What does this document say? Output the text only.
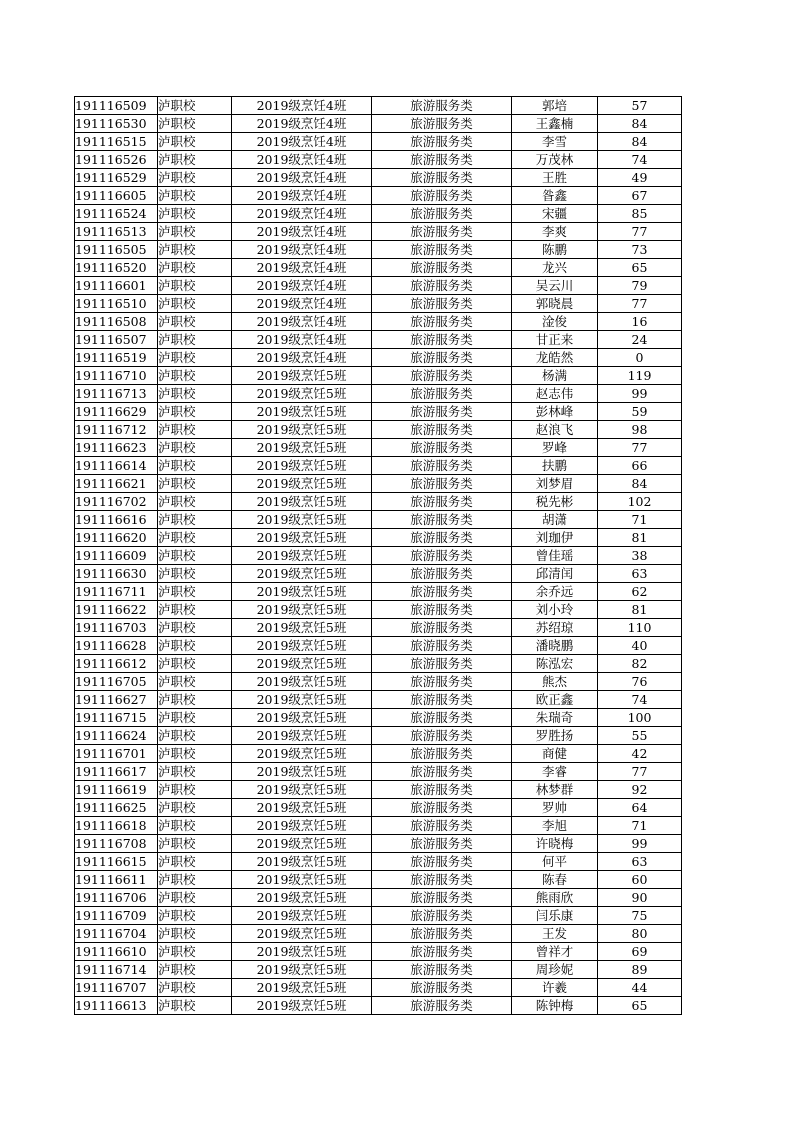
191116509	泸职校	2019级烹饪4班	旅游服务类	郭培	57
191116530	泸职校	2019级烹饪4班	旅游服务类	王鑫楠	84
191116515	泸职校	2019级烹饪4班	旅游服务类	李雪	84
191116526	泸职校	2019级烹饪4班	旅游服务类	万茂林	74
191116529	泸职校	2019级烹饪4班	旅游服务类	王胜	49
191116605	泸职校	2019级烹饪4班	旅游服务类	昝鑫	67
191116524	泸职校	2019级烹饪4班	旅游服务类	宋疆	85
191116513	泸职校	2019级烹饪4班	旅游服务类	李爽	77
191116505	泸职校	2019级烹饪4班	旅游服务类	陈鹏	73
191116520	泸职校	2019级烹饪4班	旅游服务类	龙兴	65
191116601	泸职校	2019级烹饪4班	旅游服务类	吴云川	79
191116510	泸职校	2019级烹饪4班	旅游服务类	郭晓晨	77
191116508	泸职校	2019级烹饪4班	旅游服务类	淦俊	16
191116507	泸职校	2019级烹饪4班	旅游服务类	甘正来	24
191116519	泸职校	2019级烹饪4班	旅游服务类	龙皓然	0
191116710	泸职校	2019级烹饪5班	旅游服务类	杨满	119
191116713	泸职校	2019级烹饪5班	旅游服务类	赵志伟	99
191116629	泸职校	2019级烹饪5班	旅游服务类	彭林峰	59
191116712	泸职校	2019级烹饪5班	旅游服务类	赵浪飞	98
191116623	泸职校	2019级烹饪5班	旅游服务类	罗峰	77
191116614	泸职校	2019级烹饪5班	旅游服务类	扶鹏	66
191116621	泸职校	2019级烹饪5班	旅游服务类	刘梦眉	84
191116702	泸职校	2019级烹饪5班	旅游服务类	税先彬	102
191116616	泸职校	2019级烹饪5班	旅游服务类	胡潇	71
191116620	泸职校	2019级烹饪5班	旅游服务类	刘珈伊	81
191116609	泸职校	2019级烹饪5班	旅游服务类	曾佳瑶	38
191116630	泸职校	2019级烹饪5班	旅游服务类	邱清闰	63
191116711	泸职校	2019级烹饪5班	旅游服务类	余乔远	62
191116622	泸职校	2019级烹饪5班	旅游服务类	刘小玲	81
191116703	泸职校	2019级烹饪5班	旅游服务类	苏绍琼	110
191116628	泸职校	2019级烹饪5班	旅游服务类	潘晓鹏	40
191116612	泸职校	2019级烹饪5班	旅游服务类	陈泓宏	82
191116705	泸职校	2019级烹饪5班	旅游服务类	熊杰	76
191116627	泸职校	2019级烹饪5班	旅游服务类	欧正鑫	74
191116715	泸职校	2019级烹饪5班	旅游服务类	朱瑞奇	100
191116624	泸职校	2019级烹饪5班	旅游服务类	罗胜扬	55
191116701	泸职校	2019级烹饪5班	旅游服务类	商健	42
191116617	泸职校	2019级烹饪5班	旅游服务类	李睿	77
191116619	泸职校	2019级烹饪5班	旅游服务类	林梦群	92
191116625	泸职校	2019级烹饪5班	旅游服务类	罗帅	64
191116618	泸职校	2019级烹饪5班	旅游服务类	李旭	71
191116708	泸职校	2019级烹饪5班	旅游服务类	许晓梅	99
191116615	泸职校	2019级烹饪5班	旅游服务类	何平	63
191116611	泸职校	2019级烹饪5班	旅游服务类	陈春	60
191116706	泸职校	2019级烹饪5班	旅游服务类	熊雨欣	90
191116709	泸职校	2019级烹饪5班	旅游服务类	闫乐康	75
191116704	泸职校	2019级烹饪5班	旅游服务类	王发	80
191116610	泸职校	2019级烹饪5班	旅游服务类	曾祥才	69
191116714	泸职校	2019级烹饪5班	旅游服务类	周珍妮	89
191116707	泸职校	2019级烹饪5班	旅游服务类	许羲	44
191116613	泸职校	2019级烹饪5班	旅游服务类	陈钟梅	65
